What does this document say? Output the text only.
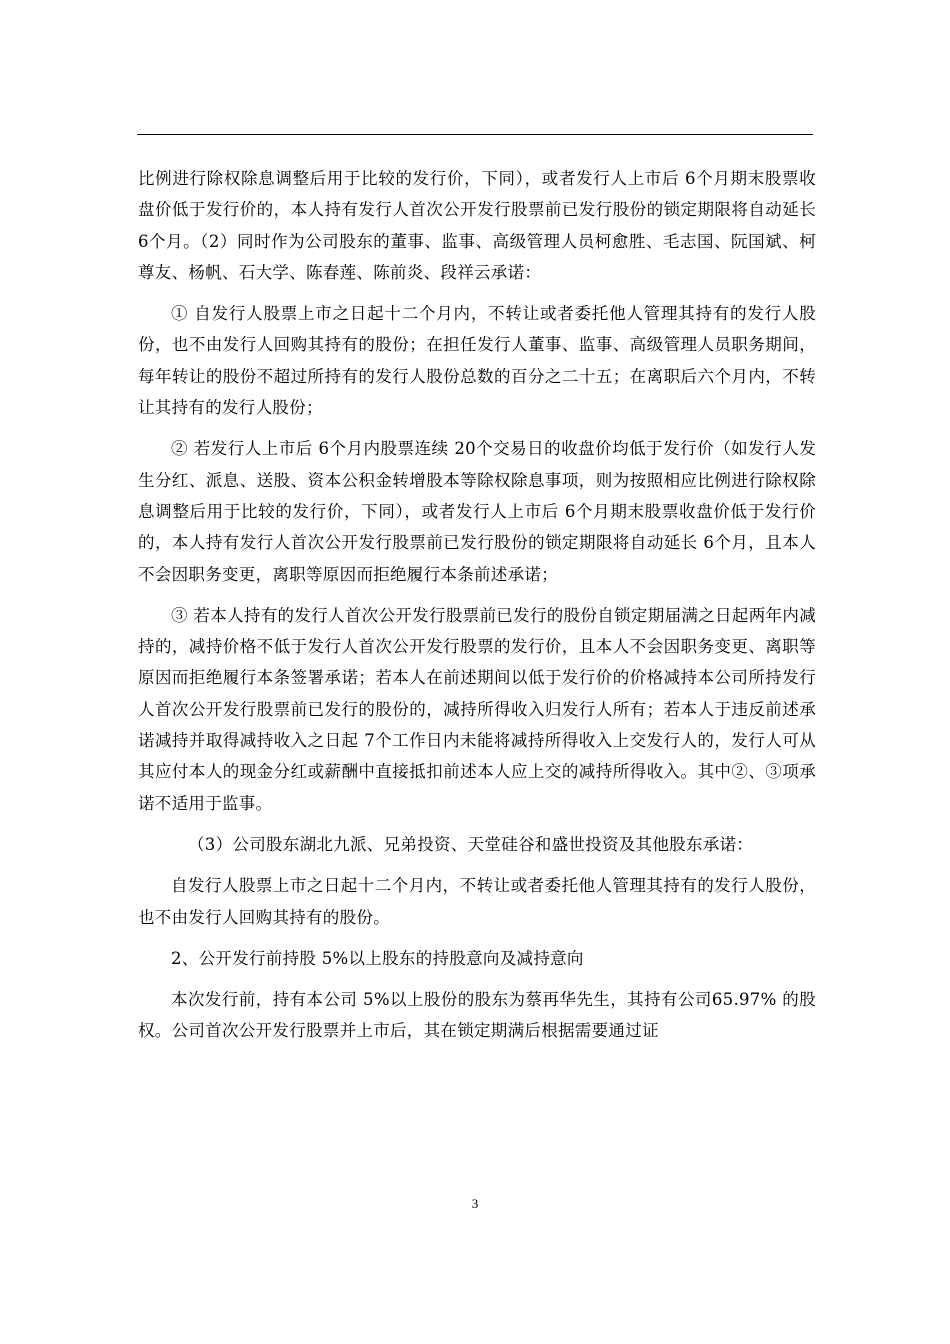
比例进行除权除息调整后用于比较的发行价，下同），或者发行人上市后 6个月期末股票收盘价低于发行价的，本人持有发行人首次公开发行股票前已发行股份的锁定期限将自动延长 6个月。（2）同时作为公司股东的董事、监事、高级管理人员柯愈胜、毛志国、阮国斌、柯尊友、杨帆、石大学、陈春莲、陈前炎、段祥云承诺：

① 自发行人股票上市之日起十二个月内，不转让或者委托他人管理其持有的发行人股份，也不由发行人回购其持有的股份；在担任发行人董事、监事、高级管理人员职务期间，每年转让的股份不超过所持有的发行人股份总数的百分之二十五；在离职后六个月内，不转让其持有的发行人股份；

② 若发行人上市后 6个月内股票连续 20个交易日的收盘价均低于发行价（如发行人发生分红、派息、送股、资本公积金转增股本等除权除息事项，则为按照相应比例进行除权除息调整后用于比较的发行价，下同），或者发行人上市后 6个月期末股票收盘价低于发行价的，本人持有发行人首次公开发行股票前已发行股份的锁定期限将自动延长 6个月，且本人不会因职务变更，离职等原因而拒绝履行本条前述承诺；

③ 若本人持有的发行人首次公开发行股票前已发行的股份自锁定期届满之日起两年内减持的，减持价格不低于发行人首次公开发行股票的发行价，且本人不会因职务变更、离职等原因而拒绝履行本条签署承诺；若本人在前述期间以低于发行价的价格减持本公司所持发行人首次公开发行股票前已发行的股份的，减持所得收入归发行人所有；若本人于违反前述承诺减持并取得减持收入之日起 7个工作日内未能将减持所得收入上交发行人的，发行人可从其应付本人的现金分红或薪酬中直接抵扣前述本人应上交的减持所得收入。其中②、③项承诺不适用于监事。

（3）公司股东湖北九派、兄弟投资、天堂硅谷和盛世投资及其他股东承诺：

自发行人股票上市之日起十二个月内，不转让或者委托他人管理其持有的发行人股份，也不由发行人回购其持有的股份。

2、公开发行前持股 5%以上股东的持股意向及减持意向

本次发行前，持有本公司 5%以上股份的股东为蔡再华先生，其持有公司65.97% 的股权。公司首次公开发行股票并上市后，其在锁定期满后根据需要通过证

3
